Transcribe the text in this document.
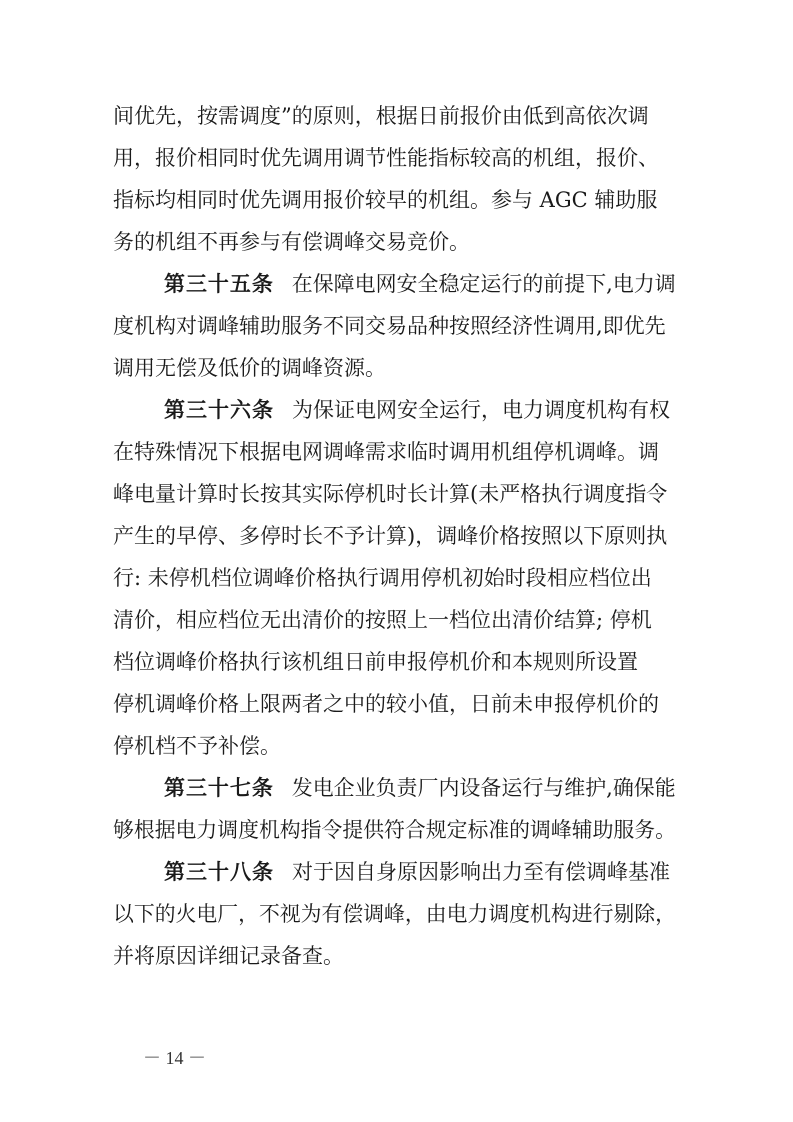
间优先，按需调度”的原则，根据日前报价由低到高依次调
用，报价相同时优先调用调节性能指标较高的机组，报价、
指标均相同时优先调用报价较早的机组。参与 AGC 辅助服
务的机组不再参与有偿调峰交易竞价。
第三十五条 在保障电网安全稳定运行的前提下,电力调
度机构对调峰辅助服务不同交易品种按照经济性调用,即优先
调用无偿及低价的调峰资源。
第三十六条 为保证电网安全运行，电力调度机构有权
在特殊情况下根据电网调峰需求临时调用机组停机调峰。调
峰电量计算时长按其实际停机时长计算(未严格执行调度指令
产生的早停、多停时长不予计算)，调峰价格按照以下原则执
行: 未停机档位调峰价格执行调用停机初始时段相应档位出
清价，相应档位无出清价的按照上一档位出清价结算; 停机
档位调峰价格执行该机组日前申报停机价和本规则所设置
停机调峰价格上限两者之中的较小值，日前未申报停机价的
停机档不予补偿。
第三十七条 发电企业负责厂内设备运行与维护,确保能
够根据电力调度机构指令提供符合规定标准的调峰辅助服务。
第三十八条 对于因自身原因影响出力至有偿调峰基准
以下的火电厂，不视为有偿调峰，由电力调度机构进行剔除，
并将原因详细记录备查。
－ 14 －
